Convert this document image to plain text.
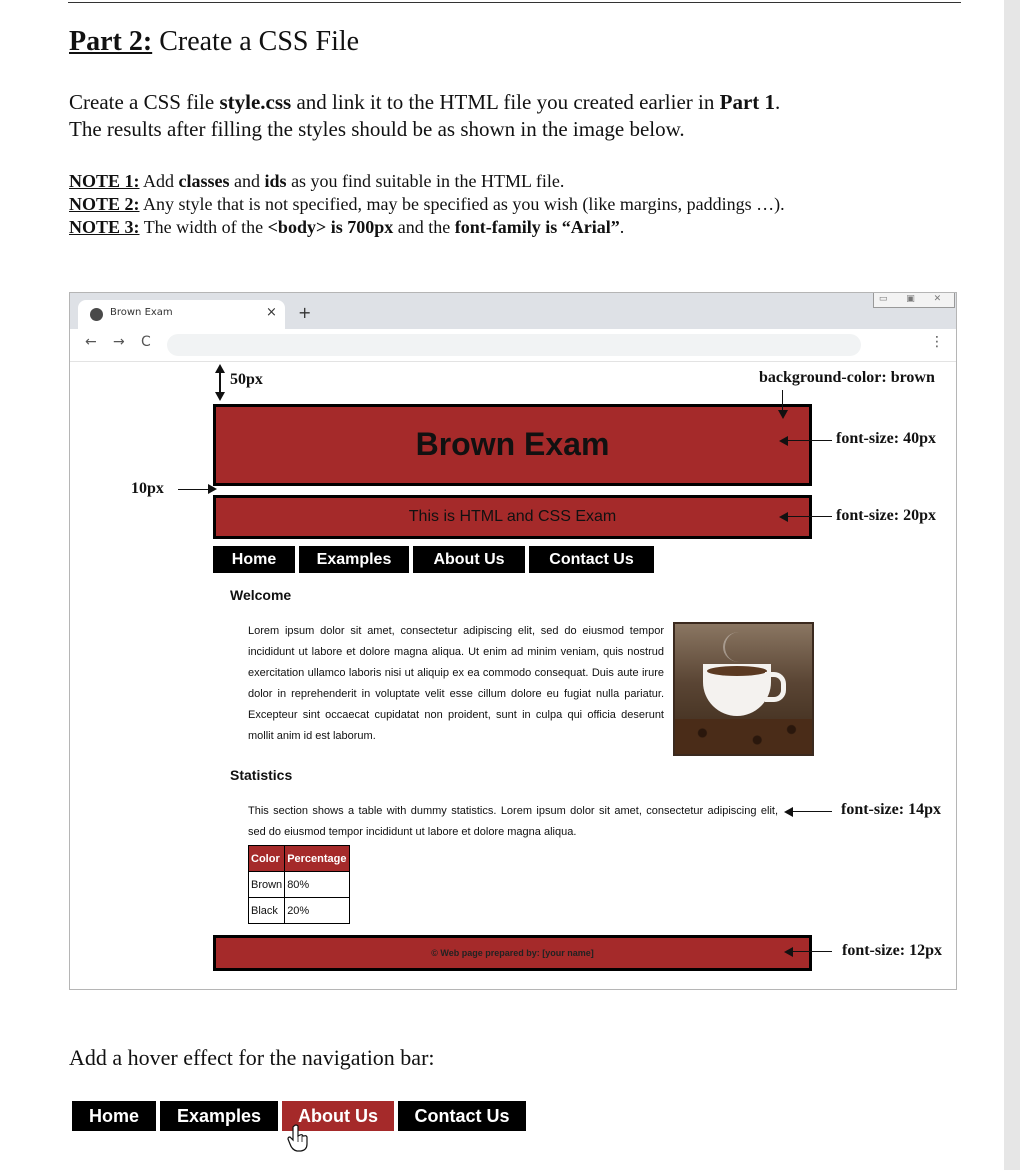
Part 2: Create a CSS File
Create a CSS file style.css and link it to the HTML file you created earlier in Part 1.
The results after filling the styles should be as shown in the image below.
NOTE 1: Add classes and ids as you find suitable in the HTML file.
NOTE 2: Any style that is not specified, may be specified as you wish (like margins, paddings …).
NOTE 3: The width of the <body> is 700px and the font-family is “Arial”.
Brown Exam	× +
▭ ▣ ✕
← → C	⋮
Brown Exam
This is HTML and CSS Exam
Home	Examples	About Us	Contact Us
Welcome
Lorem ipsum dolor sit amet, consectetur adipiscing elit, sed do eiusmod tempor incididunt ut labore et dolore magna aliqua. Ut enim ad minim veniam, quis nostrud exercitation ullamco laboris nisi ut aliquip ex ea commodo consequat. Duis aute irure dolor in reprehenderit in voluptate velit esse cillum dolore eu fugiat nulla pariatur. Excepteur sint occaecat cupidatat non proident, sunt in culpa qui officia deserunt mollit anim id est laborum.
Statistics
This section shows a table with dummy statistics. Lorem ipsum dolor sit amet, consectetur adipiscing elit, sed do eiusmod tempor incididunt ut labore et dolore magna aliqua.
Color	Percentage
Brown	80%
Black	20%
© Web page prepared by: [your name]
50px
10px
background-color: brown
font-size: 40px
font-size: 20px
font-size: 14px
font-size: 12px
Add a hover effect for the navigation bar:
Home	Examples	About Us	Contact Us
